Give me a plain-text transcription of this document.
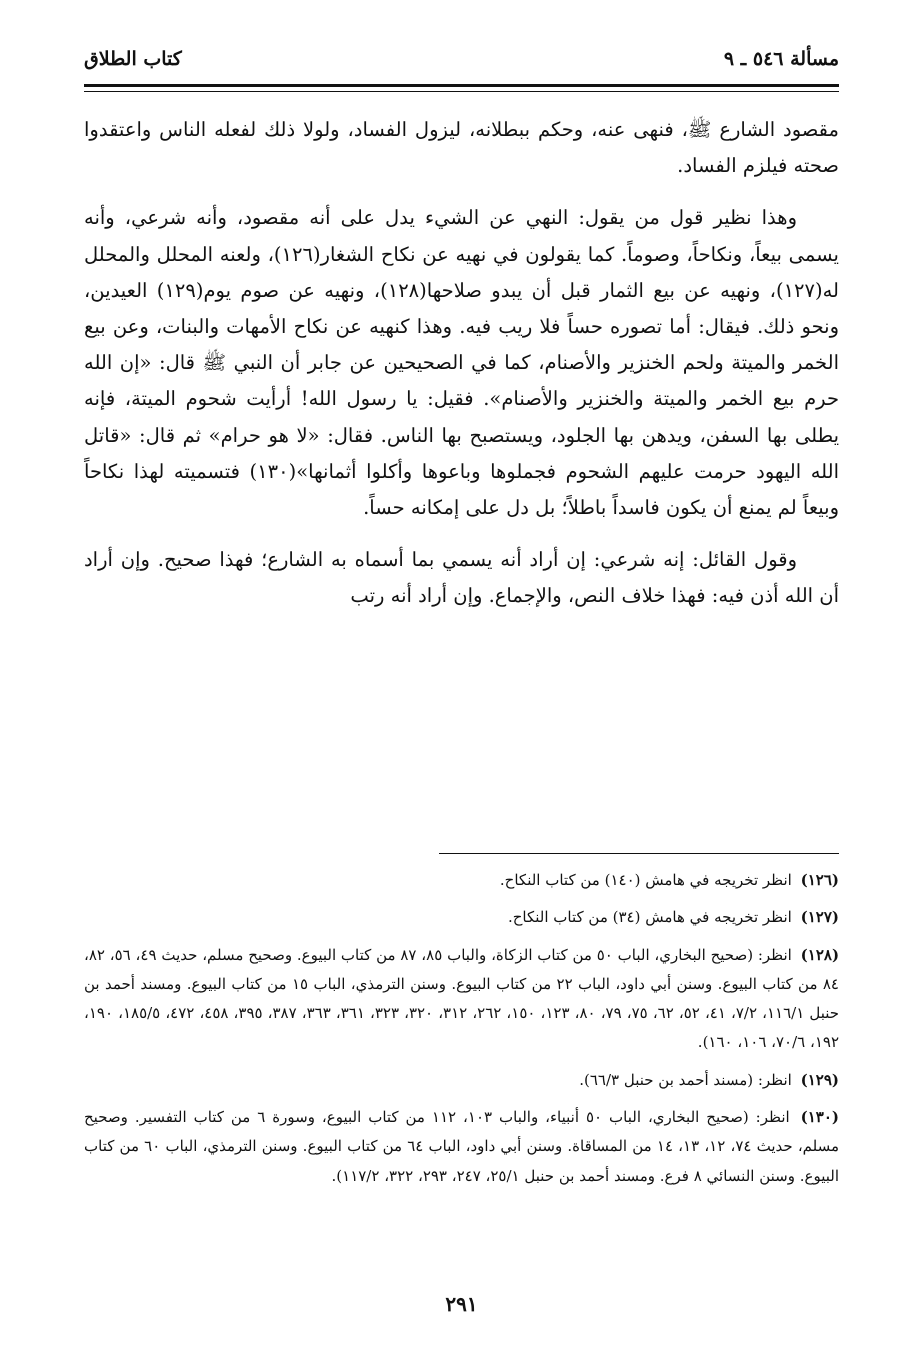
مسألة ٥٤٦ ـ ٩
كتاب الطلاق

مقصود الشارع ﷺ، فنهى عنه، وحكم ببطلانه، ليزول الفساد، ولولا ذلك لفعله الناس واعتقدوا صحته فيلزم الفساد.

وهذا نظير قول من يقول: النهي عن الشيء يدل على أنه مقصود، وأنه شرعي، وأنه يسمى بيعاً، ونكاحاً، وصوماً. كما يقولون في نهيه عن نكاح الشغار(١٢٦)، ولعنه المحلل والمحلل له(١٢٧)، ونهيه عن بيع الثمار قبل أن يبدو صلاحها(١٢٨)، ونهيه عن صوم يوم(١٢٩) العيدين، ونحو ذلك. فيقال: أما تصوره حساً فلا ريب فيه. وهذا كنهيه عن نكاح الأمهات والبنات، وعن بيع الخمر والميتة ولحم الخنزير والأصنام، كما في الصحيحين عن جابر أن النبي ﷺ قال: «إن الله حرم بيع الخمر والميتة والخنزير والأصنام». فقيل: يا رسول الله! أرأيت شحوم الميتة، فإنه يطلى بها السفن، ويدهن بها الجلود، ويستصبح بها الناس. فقال: «لا هو حرام» ثم قال: «قاتل الله اليهود حرمت عليهم الشحوم فجملوها وباعوها وأكلوا أثمانها»(١٣٠) فتسميته لهذا نكاحاً وبيعاً لم يمنع أن يكون فاسداً باطلاً؛ بل دل على إمكانه حساً.

وقول القائل: إنه شرعي: إن أراد أنه يسمي بما أسماه به الشارع؛ فهذا صحيح. وإن أراد أن الله أذن فيه: فهذا خلاف النص، والإجماع. وإن أراد أنه رتب

(١٢٦) انظر تخريجه في هامش (١٤٠) من كتاب النكاح.
(١٢٧) انظر تخريجه في هامش (٣٤) من كتاب النكاح.
(١٢٨) انظر: (صحيح البخاري، الباب ٥٠ من كتاب الزكاة، والباب ٨٥، ٨٧ من كتاب البيوع. وصحيح مسلم، حديث ٤٩، ٥٦، ٨٢، ٨٤ من كتاب البيوع. وسنن أبي داود، الباب ٢٢ من كتاب البيوع. وسنن الترمذي، الباب ١٥ من كتاب البيوع. ومسند أحمد بن حنبل ١١٦/١، ٧/٢، ٤١، ٥٢، ٦٢، ٧٥، ٧٩، ٨٠، ١٢٣، ١٥٠، ٢٦٢، ٣١٢، ٣٢٠، ٣٢٣، ٣٦١، ٣٦٣، ٣٨٧، ٣٩٥، ٤٥٨، ٤٧٢، ١٨٥/٥، ١٩٠، ١٩٢، ٧٠/٦، ١٠٦، ١٦٠).
(١٢٩) انظر: (مسند أحمد بن حنبل ٦٦/٣).
(١٣٠) انظر: (صحيح البخاري، الباب ٥٠ أنبياء، والباب ١٠٣، ١١٢ من كتاب البيوع، وسورة ٦ من كتاب التفسير. وصحيح مسلم، حديث ٧٤، ١٢، ١٣، ١٤ من المساقاة. وسنن أبي داود، الباب ٦٤ من كتاب البيوع. وسنن الترمذي، الباب ٦٠ من كتاب البيوع. وسنن النسائي ٨ فرع. ومسند أحمد بن حنبل ٢٥/١، ٢٤٧، ٢٩٣، ٣٢٢، ١١٧/٢).
٢٩١
